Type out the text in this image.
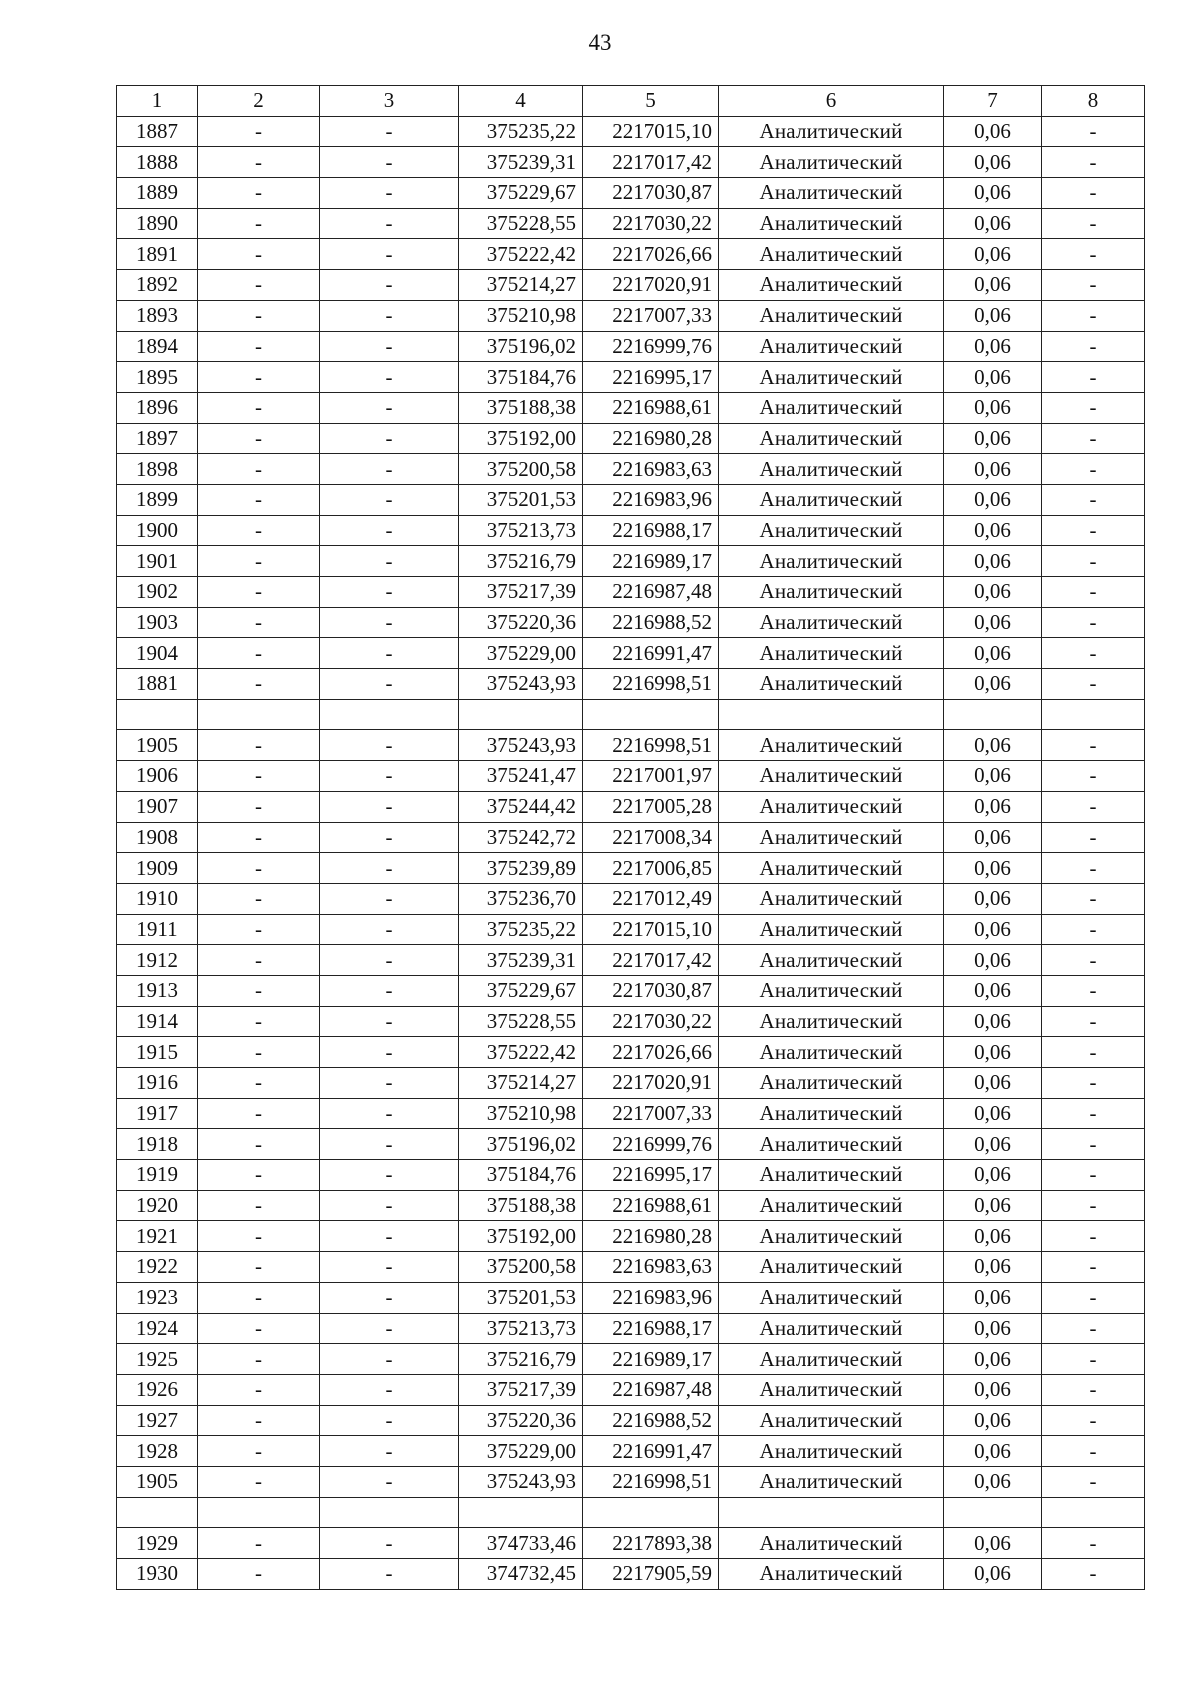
43
1	2	3	4	5	6	7	8
1887	-	-	375235,22	2217015,10	Аналитический	0,06	-
1888	-	-	375239,31	2217017,42	Аналитический	0,06	-
1889	-	-	375229,67	2217030,87	Аналитический	0,06	-
1890	-	-	375228,55	2217030,22	Аналитический	0,06	-
1891	-	-	375222,42	2217026,66	Аналитический	0,06	-
1892	-	-	375214,27	2217020,91	Аналитический	0,06	-
1893	-	-	375210,98	2217007,33	Аналитический	0,06	-
1894	-	-	375196,02	2216999,76	Аналитический	0,06	-
1895	-	-	375184,76	2216995,17	Аналитический	0,06	-
1896	-	-	375188,38	2216988,61	Аналитический	0,06	-
1897	-	-	375192,00	2216980,28	Аналитический	0,06	-
1898	-	-	375200,58	2216983,63	Аналитический	0,06	-
1899	-	-	375201,53	2216983,96	Аналитический	0,06	-
1900	-	-	375213,73	2216988,17	Аналитический	0,06	-
1901	-	-	375216,79	2216989,17	Аналитический	0,06	-
1902	-	-	375217,39	2216987,48	Аналитический	0,06	-
1903	-	-	375220,36	2216988,52	Аналитический	0,06	-
1904	-	-	375229,00	2216991,47	Аналитический	0,06	-
1881	-	-	375243,93	2216998,51	Аналитический	0,06	-

1905	-	-	375243,93	2216998,51	Аналитический	0,06	-
1906	-	-	375241,47	2217001,97	Аналитический	0,06	-
1907	-	-	375244,42	2217005,28	Аналитический	0,06	-
1908	-	-	375242,72	2217008,34	Аналитический	0,06	-
1909	-	-	375239,89	2217006,85	Аналитический	0,06	-
1910	-	-	375236,70	2217012,49	Аналитический	0,06	-
1911	-	-	375235,22	2217015,10	Аналитический	0,06	-
1912	-	-	375239,31	2217017,42	Аналитический	0,06	-
1913	-	-	375229,67	2217030,87	Аналитический	0,06	-
1914	-	-	375228,55	2217030,22	Аналитический	0,06	-
1915	-	-	375222,42	2217026,66	Аналитический	0,06	-
1916	-	-	375214,27	2217020,91	Аналитический	0,06	-
1917	-	-	375210,98	2217007,33	Аналитический	0,06	-
1918	-	-	375196,02	2216999,76	Аналитический	0,06	-
1919	-	-	375184,76	2216995,17	Аналитический	0,06	-
1920	-	-	375188,38	2216988,61	Аналитический	0,06	-
1921	-	-	375192,00	2216980,28	Аналитический	0,06	-
1922	-	-	375200,58	2216983,63	Аналитический	0,06	-
1923	-	-	375201,53	2216983,96	Аналитический	0,06	-
1924	-	-	375213,73	2216988,17	Аналитический	0,06	-
1925	-	-	375216,79	2216989,17	Аналитический	0,06	-
1926	-	-	375217,39	2216987,48	Аналитический	0,06	-
1927	-	-	375220,36	2216988,52	Аналитический	0,06	-
1928	-	-	375229,00	2216991,47	Аналитический	0,06	-
1905	-	-	375243,93	2216998,51	Аналитический	0,06	-

1929	-	-	374733,46	2217893,38	Аналитический	0,06	-
1930	-	-	374732,45	2217905,59	Аналитический	0,06	-
